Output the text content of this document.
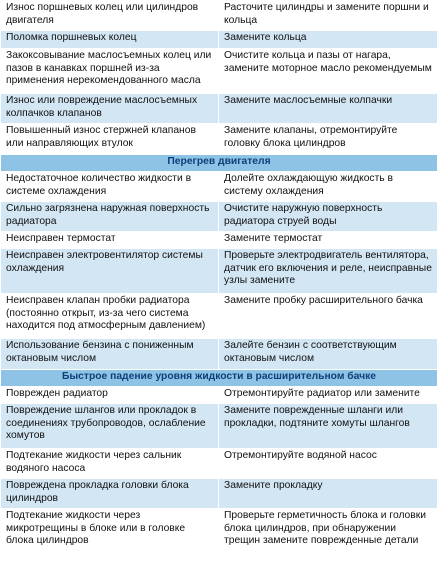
Износ поршневых колец или цилиндров двигателя	Расточите цилиндры и замените поршни и кольца
Поломка поршневых колец	Замените кольца
Закоксовывание маслосъемных колец или пазов в канавках поршней из-за применения нерекомендованного масла	Очистите кольца и пазы от нагара, замените моторное масло рекомендуемым
Износ или повреждение маслосъемных колпачков клапанов	Замените маслосъемные колпачки
Повышенный износ стержней клапанов или направляющих втулок	Замените клапаны, отремонтируйте головку блока цилиндров
Перегрев двигателя	
Недостаточное количество жидкости в системе охлаждения	Долейте охлаждающую жидкость в систему охлаждения
Сильно загрязнена наружная поверхность радиатора	Очистите наружную поверхность радиатора струей воды
Неисправен термостат	Замените термостат
Неисправен электровентилятор системы охлаждения	Проверьте электродвигатель вентилятора, датчик его включения и реле, неисправные узлы замените
Неисправен клапан пробки радиатора (постоянно открыт, из-за чего система находится под атмосферным давлением)	Замените пробку расширительного бачка
Использование бензина с пониженным октановым числом	Залейте бензин с соответствующим октановым числом
Быстрое падение уровня жидкости в расширительном бачке	
Поврежден радиатор	Отремонтируйте радиатор или замените
Повреждение шлангов или прокладок в соединениях трубопроводов, ослабление хомутов	Замените поврежденные шланги или прокладки, подтяните хомуты шлангов
Подтекание жидкости через сальник водяного насоса	Отремонтируйте водяной насос
Повреждена прокладка головки блока цилиндров	Замените прокладку
Подтекание жидкости через микротрещины в блоке или в головке блока цилиндров	Проверьте герметичность блока и головки блока цилиндров, при обнаружении трещин замените поврежденные детали
